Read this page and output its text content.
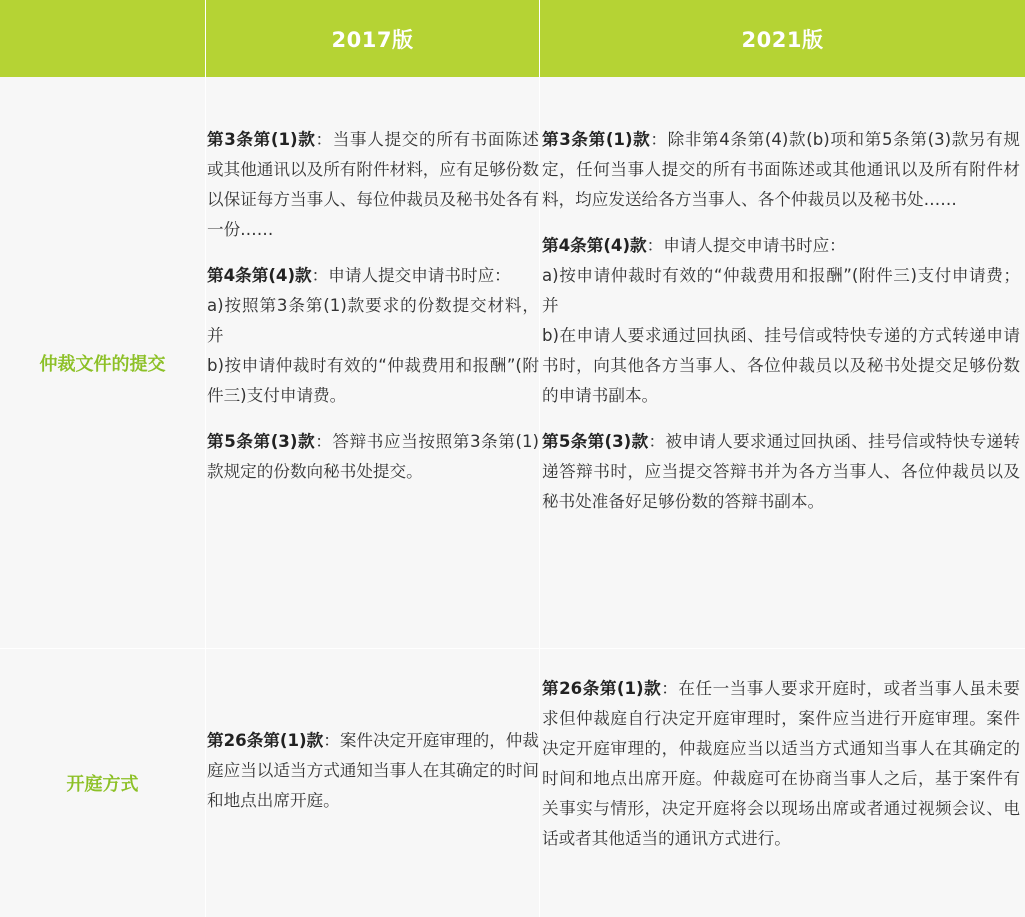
2017版	2021版
仲裁文件的提交

第3条第(1)款：当事人提交的所有书面陈述或其他通讯以及所有附件材料，应有足够份数以保证每方当事人、每位仲裁员及秘书处各有一份……

第4条第(4)款：申请人提交申请书时应：
a)按照第3条第(1)款要求的份数提交材料，并
b)按申请仲裁时有效的“仲裁费用和报酬”(附件三)支付申请费。

第5条第(3)款：答辩书应当按照第3条第(1)款规定的份数向秘书处提交。

第3条第(1)款：除非第4条第(4)款(b)项和第5条第(3)款另有规定，任何当事人提交的所有书面陈述或其他通讯以及所有附件材料，均应发送给各方当事人、各个仲裁员以及秘书处……

第4条第(4)款：申请人提交申请书时应：
a)按申请仲裁时有效的“仲裁费用和报酬”(附件三)支付申请费；并
b)在申请人要求通过回执函、挂号信或特快专递的方式转递申请书时，向其他各方当事人、各位仲裁员以及秘书处提交足够份数的申请书副本。

第5条第(3)款：被申请人要求通过回执函、挂号信或特快专递转递答辩书时，应当提交答辩书并为各方当事人、各位仲裁员以及秘书处准备好足够份数的答辩书副本。

开庭方式

第26条第(1)款：案件决定开庭审理的，仲裁庭应当以适当方式通知当事人在其确定的时间和地点出席开庭。

第26条第(1)款：在任一当事人要求开庭时，或者当事人虽未要求但仲裁庭自行决定开庭审理时，案件应当进行开庭审理。案件决定开庭审理的，仲裁庭应当以适当方式通知当事人在其确定的时间和地点出席开庭。仲裁庭可在协商当事人之后，基于案件有关事实与情形，决定开庭将会以现场出席或者通过视频会议、电话或者其他适当的通讯方式进行。
